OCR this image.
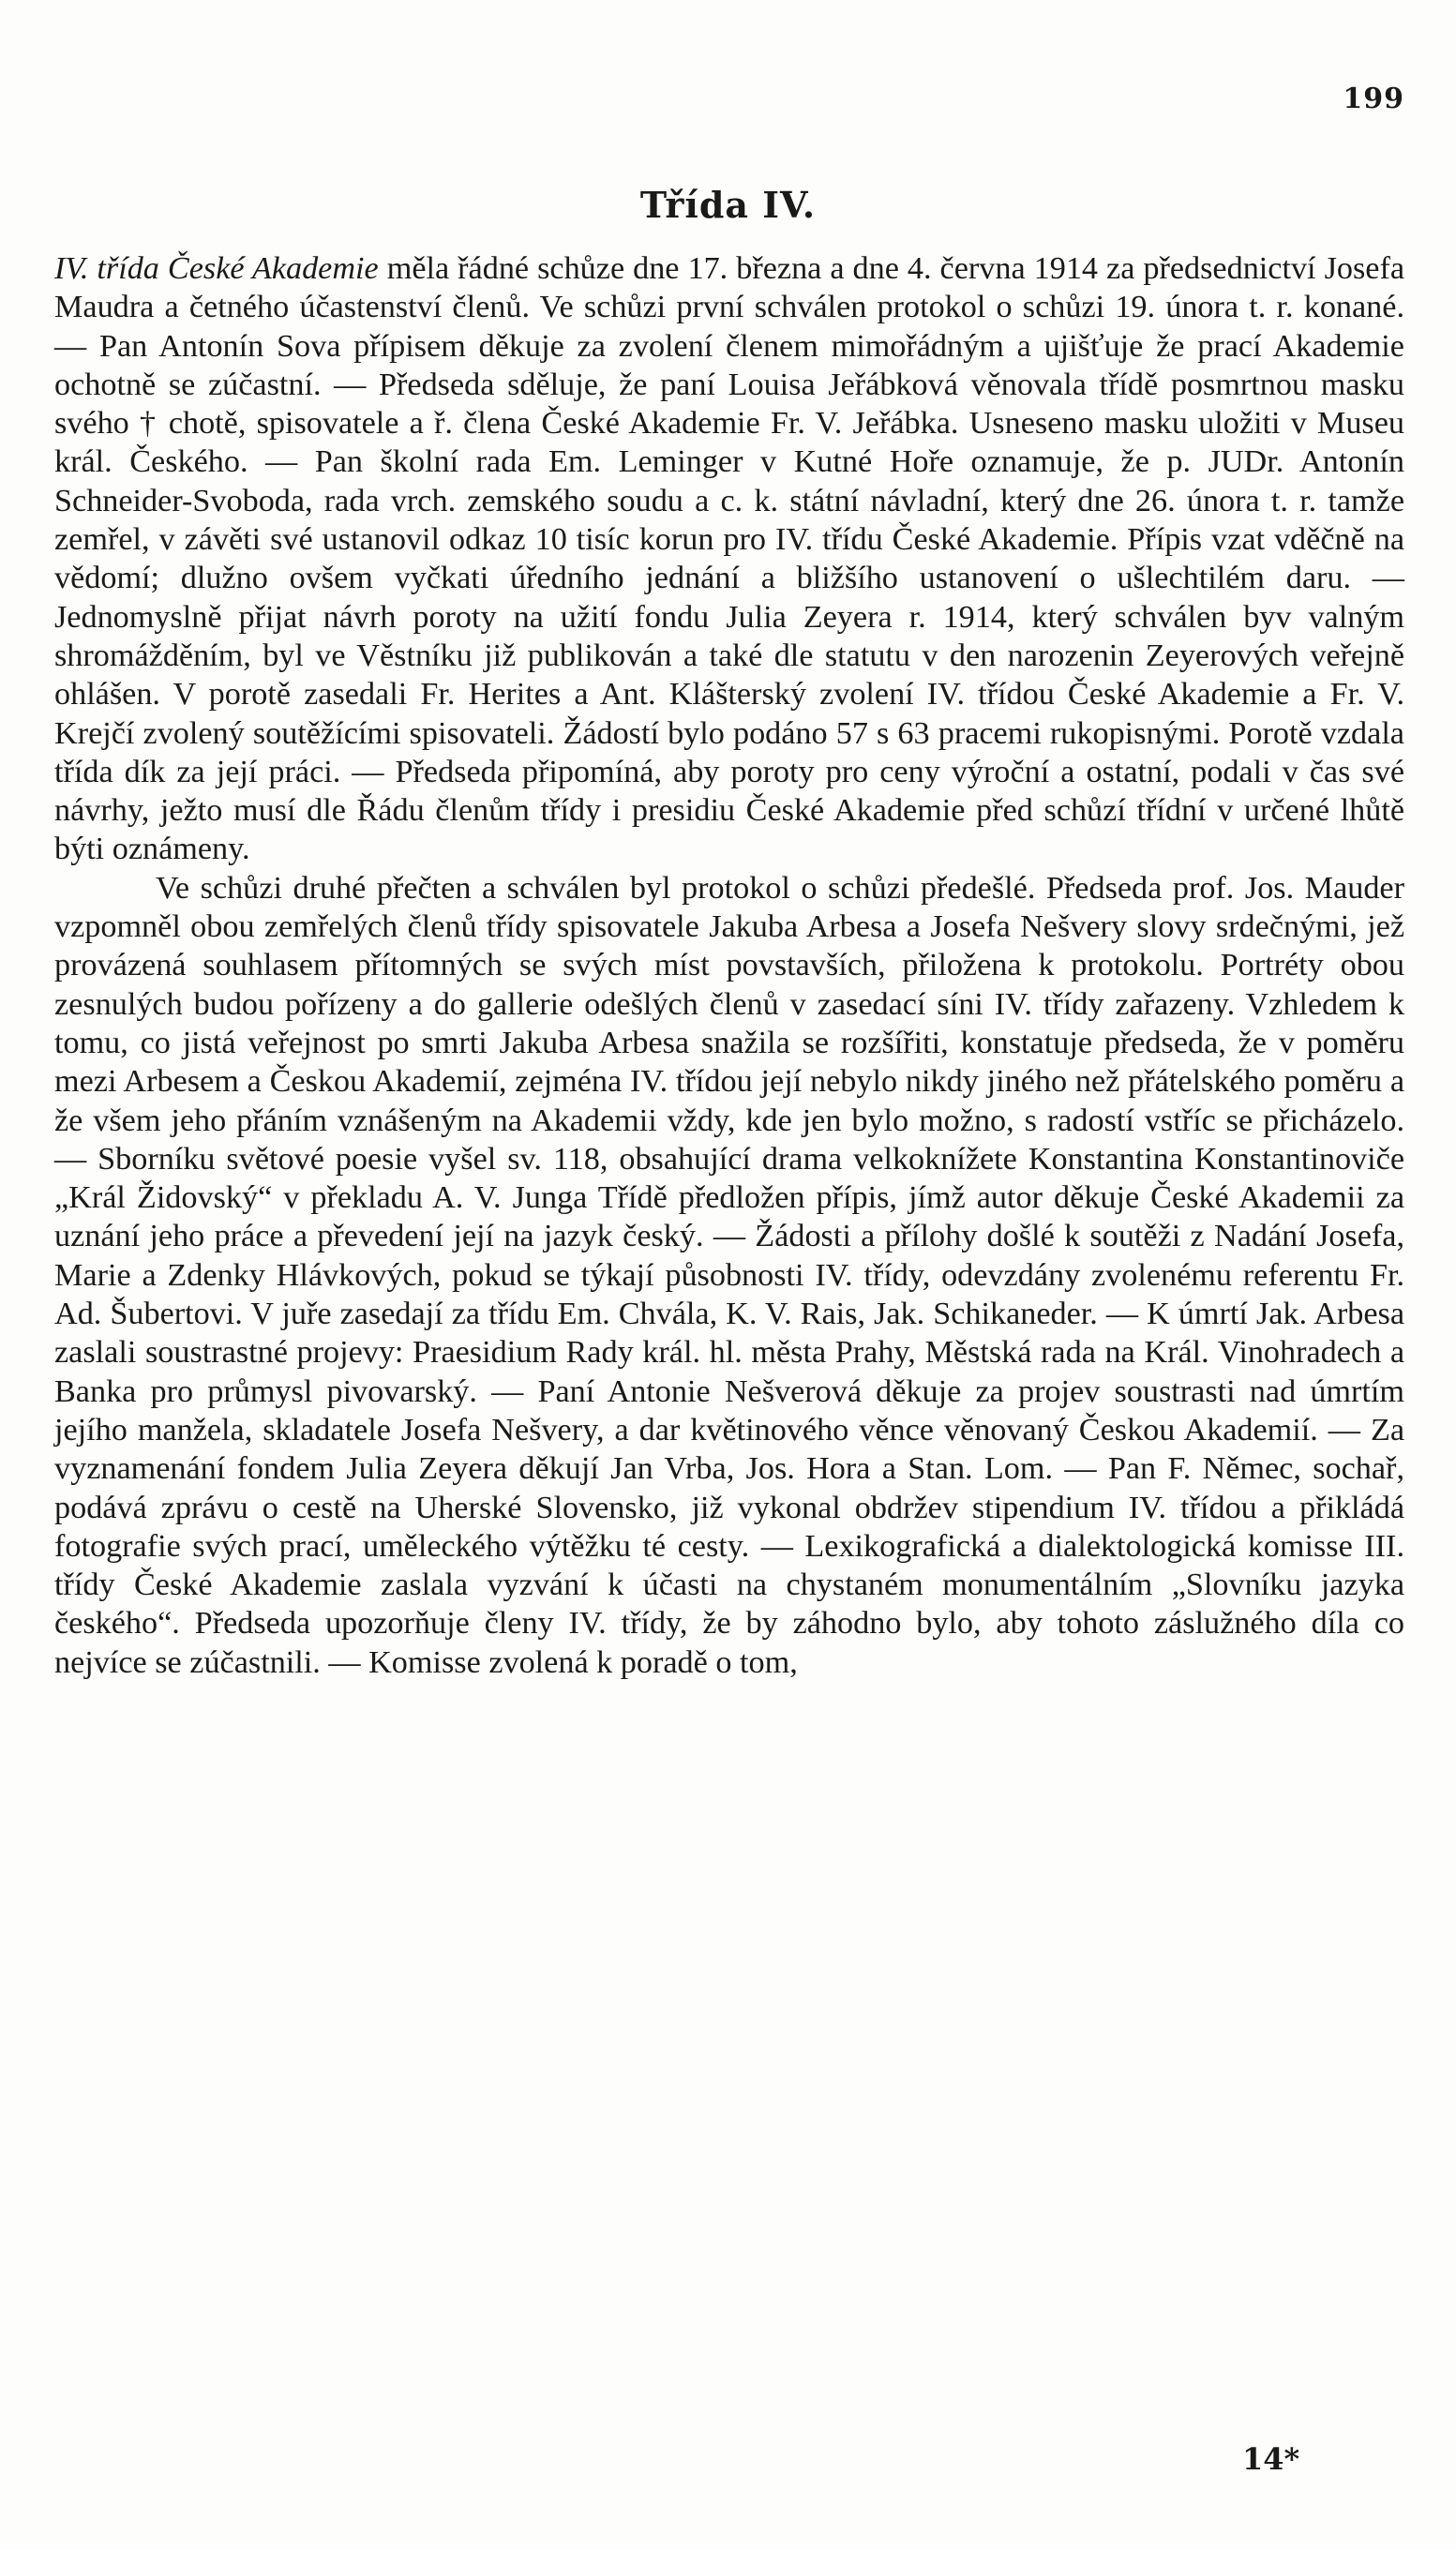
199
Třída IV.

IV. třída České Akademie měla řádné schůze dne 17. března a dne 4. června 1914 za předsednictví Josefa Maudra a četného účastenství členů. Ve schůzi první schválen protokol o schůzi 19. února t. r. konané. — Pan Antonín Sova přípisem děkuje za zvolení členem mimořádným a ujišťuje že prací Akademie ochotně se zúčastní. — Předseda sděluje, že paní Louisa Jeřábková věnovala třídě posmrtnou masku svého † chotě, spisovatele a ř. člena České Akademie Fr. V. Jeřábka. Usneseno masku uložiti v Museu král. Českého. — Pan školní rada Em. Leminger v Kutné Hoře oznamuje, že p. JUDr. Antonín Schneider-Svoboda, rada vrch. zemského soudu a c. k. státní návladní, který dne 26. února t. r. tamže zemřel, v závěti své ustanovil odkaz 10 tisíc korun pro IV. třídu České Akademie. Přípis vzat vděčně na vědomí; dlužno ovšem vyčkati úředního jednání a bližšího ustanovení o ušlechtilém daru. — Jednomyslně přijat návrh poroty na užití fondu Julia Zeyera r. 1914, který schválen byv valným shromážděním, byl ve Věstníku již publikován a také dle statutu v den narozenin Zeyerových veřejně ohlášen. V porotě zasedali Fr. Herites a Ant. Klášterský zvolení IV. třídou České Akademie a Fr. V. Krejčí zvolený soutěžícími spisovateli. Žádostí bylo podáno 57 s 63 pracemi rukopisnými. Porotě vzdala třída dík za její práci. — Předseda připomíná, aby poroty pro ceny výroční a ostatní, podali v čas své návrhy, ježto musí dle Řádu členům třídy i presidiu České Akademie před schůzí třídní v určené lhůtě býti oznámeny.

Ve schůzi druhé přečten a schválen byl protokol o schůzi předešlé. Předseda prof. Jos. Mauder vzpomněl obou zemřelých členů třídy spisovatele Jakuba Arbesa a Josefa Nešvery slovy srdečnými, jež provázená souhlasem přítomných se svých míst povstavších, přiložena k protokolu. Portréty obou zesnulých budou pořízeny a do gallerie odešlých členů v zasedací síni IV. třídy zařazeny. Vzhledem k tomu, co jistá veřejnost po smrti Jakuba Arbesa snažila se rozšířiti, konstatuje předseda, že v poměru mezi Arbesem a Českou Akademií, zejména IV. třídou její nebylo nikdy jiného než přátelského poměru a že všem jeho přáním vznášeným na Akademii vždy, kde jen bylo možno, s radostí vstříc se přicházelo. — Sborníku světové poesie vyšel sv. 118, obsahující drama velkoknížete Konstantina Konstantinoviče „Král Židovský“ v překladu A. V. Junga Třídě předložen přípis, jímž autor děkuje České Akademii za uznání jeho práce a převedení její na jazyk český. — Žádosti a přílohy došlé k soutěži z Nadání Josefa, Marie a Zdenky Hlávkových, pokud se týkají působnosti IV. třídy, odevzdány zvolenému referentu Fr. Ad. Šubertovi. V juře zasedají za třídu Em. Chvála, K. V. Rais, Jak. Schikaneder. — K úmrtí Jak. Arbesa zaslali soustrastné projevy: Praesidium Rady král. hl. města Prahy, Městská rada na Král. Vinohradech a Banka pro průmysl pivovarský. — Paní Antonie Nešverová děkuje za projev soustrasti nad úmrtím jejího manžela, skladatele Josefa Nešvery, a dar květinového věnce věnovaný Českou Akademií. — Za vyznamenání fondem Julia Zeyera děkují Jan Vrba, Jos. Hora a Stan. Lom. — Pan F. Němec, sochař, podává zprávu o cestě na Uherské Slovensko, již vykonal obdržev stipendium IV. třídou a přikládá fotografie svých prací, uměleckého výtěžku té cesty. — Lexikografická a dialektologická komisse III. třídy České Akademie zaslala vyzvání k účasti na chystaném monumentálním „Slovníku jazyka českého“. Předseda upozorňuje členy IV. třídy, že by záhodno bylo, aby tohoto záslužného díla co nejvíce se zúčastnili. — Komisse zvolená k poradě o tom,

14*
